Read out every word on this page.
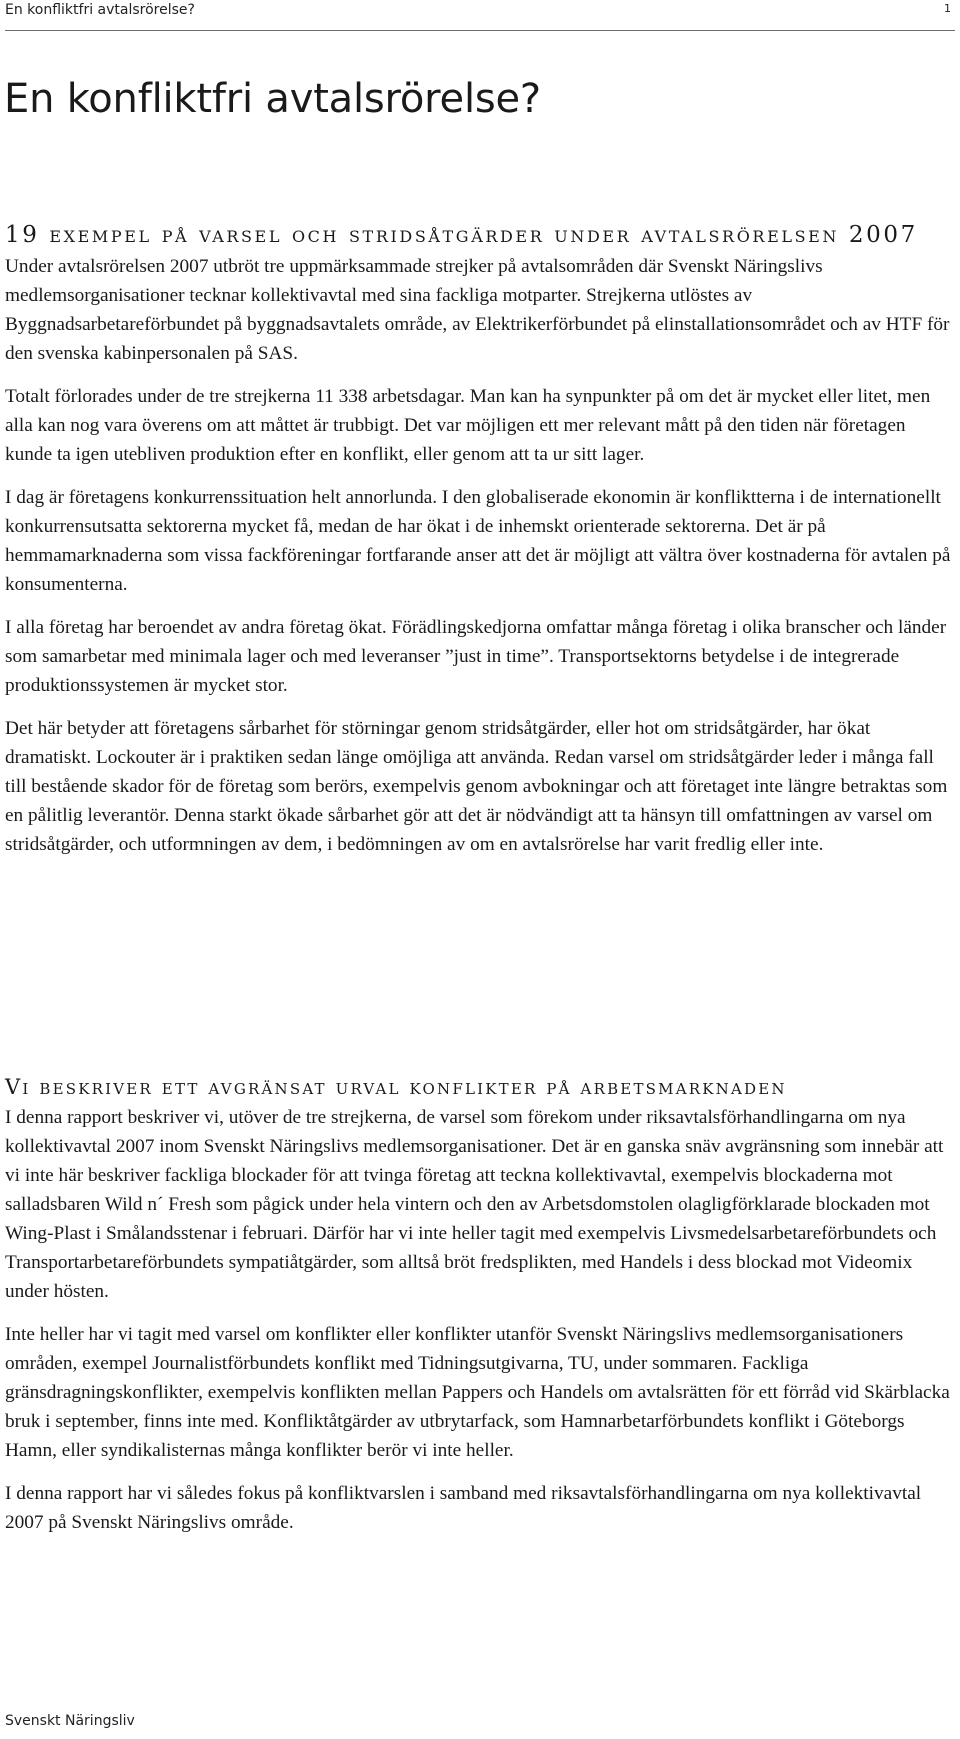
En konfliktfri avtalsrörelse?	1
En konfliktfri avtalsrörelse?
19 exempel på varsel och stridsåtgärder under avtalsrörelsen 2007

Under avtalsrörelsen 2007 utbröt tre uppmärksammade strejker på avtalsområden där Svenskt Näringslivs medlemsorganisationer tecknar kollektivavtal med sina fackliga motparter. Strejkerna utlöstes av Byggnadsarbetareförbundet på byggnadsavtalets område, av Elektrikerförbundet på elinstallationsområdet och av HTF för den svenska kabinpersonalen på SAS.

Totalt förlorades under de tre strejkerna 11 338 arbetsdagar. Man kan ha synpunkter på om det är mycket eller litet, men alla kan nog vara överens om att måttet är trubbigt. Det var möjligen ett mer relevant mått på den tiden när företagen kunde ta igen utebliven produktion efter en konflikt, eller genom att ta ur sitt lager.

I dag är företagens konkurrenssituation helt annorlunda. I den globaliserade ekonomin är konfliktterna i de internationellt konkurrensutsatta sektorerna mycket få, medan de har ökat i de inhemskt orienterade sektorerna. Det är på hemmamarknaderna som vissa fackföreningar fortfarande anser att det är möjligt att vältra över kostnaderna för avtalen på konsumenterna.

I alla företag har beroendet av andra företag ökat. Förädlingskedjorna omfattar många företag i olika branscher och länder som samarbetar med minimala lager och med leveranser ”just in time”. Transportsektorns betydelse i de integrerade produktionssystemen är mycket stor.

Det här betyder att företagens sårbarhet för störningar genom stridsåtgärder, eller hot om stridsåtgärder, har ökat dramatiskt. Lockouter är i praktiken sedan länge omöjliga att använda. Redan varsel om stridsåtgärder leder i många fall till bestående skador för de företag som berörs, exempelvis genom avbokningar och att företaget inte längre betraktas som en pålitlig leverantör. Denna starkt ökade sårbarhet gör att det är nödvändigt att ta hänsyn till omfattningen av varsel om stridsåtgärder, och utformningen av dem, i bedömningen av om en avtalsrörelse har varit fredlig eller inte.

Vi beskriver ett avgränsat urval konflikter på arbetsmarknaden

I denna rapport beskriver vi, utöver de tre strejkerna, de varsel som förekom under riksavtalsförhandlingarna om nya kollektivavtal 2007 inom Svenskt Näringslivs medlemsorganisationer. Det är en ganska snäv avgränsning som innebär att vi inte här beskriver fackliga blockader för att tvinga företag att teckna kollektivavtal, exempelvis blockaderna mot salladsbaren Wild n´ Fresh som pågick under hela vintern och den av Arbetsdomstolen olagligförklarade blockaden mot Wing-Plast i Smålandsstenar i februari. Därför har vi inte heller tagit med exempelvis Livsmedelsarbetareförbundets och Transportarbetareförbundets sympatiåtgärder, som alltså bröt fredsplikten, med Handels i dess blockad mot Videomix under hösten.

Inte heller har vi tagit med varsel om konflikter eller konflikter utanför Svenskt Näringslivs medlemsorganisationers områden, exempel Journalistförbundets konflikt med Tidningsutgivarna, TU, under sommaren. Fackliga gränsdragningskonflikter, exempelvis konflikten mellan Pappers och Handels om avtalsrätten för ett förråd vid Skärblacka bruk i september, finns inte med. Konfliktåtgärder av utbrytarfack, som Hamnarbetarförbundets konflikt i Göteborgs Hamn, eller syndikalisternas många konflikter berör vi inte heller.

I denna rapport har vi således fokus på konfliktvarslen i samband med riksavtalsförhandlingarna om nya kollektivavtal 2007 på Svenskt Näringslivs område.

Svenskt Näringsliv
